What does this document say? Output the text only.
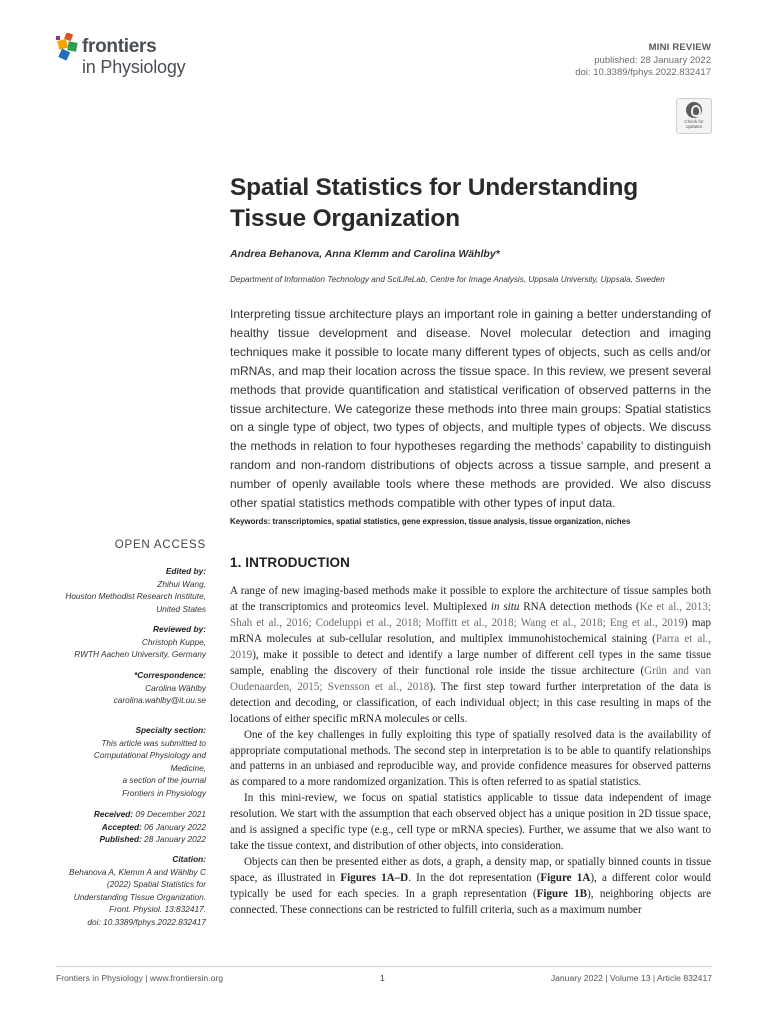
frontiers
in Physiology
MINI REVIEW
published: 28 January 2022
doi: 10.3389/fphys.2022.832417
Check for
updates
Spatial Statistics for Understanding Tissue Organization
Andrea Behanova, Anna Klemm and Carolina Wählby*
Department of Information Technology and SciLifeLab, Centre for Image Analysis, Uppsala University, Uppsala, Sweden
Interpreting tissue architecture plays an important role in gaining a better understanding of healthy tissue development and disease. Novel molecular detection and imaging techniques make it possible to locate many different types of objects, such as cells and/or mRNAs, and map their location across the tissue space. In this review, we present several methods that provide quantification and statistical verification of observed patterns in the tissue architecture. We categorize these methods into three main groups: Spatial statistics on a single type of object, two types of objects, and multiple types of objects. We discuss the methods in relation to four hypotheses regarding the methods’ capability to distinguish random and non-random distributions of objects across a tissue sample, and present a number of openly available tools where these methods are provided. We also discuss other spatial statistics methods compatible with other types of input data.
Keywords: transcriptomics, spatial statistics, gene expression, tissue analysis, tissue organization, niches
OPEN ACCESS
Edited by:
Zhihui Wang,
Houston Methodist Research Institute,
United States
Reviewed by:
Christoph Kuppe,
RWTH Aachen University, Germany
*Correspondence:
Carolina Wählby
carolina.wahlby@it.uu.se
Specialty section:
This article was submitted to
Computational Physiology and
Medicine,
a section of the journal
Frontiers in Physiology
Received: 09 December 2021
Accepted: 06 January 2022
Published: 28 January 2022
Citation:
Behanova A, Klemm A and Wählby C
(2022) Spatial Statistics for
Understanding Tissue Organization.
Front. Physiol. 13:832417.
doi: 10.3389/fphys.2022.832417
1. INTRODUCTION

A range of new imaging-based methods make it possible to explore the architecture of tissue samples both at the transcriptomics and proteomics level. Multiplexed in situ RNA detection methods (Ke et al., 2013; Shah et al., 2016; Codeluppi et al., 2018; Moffitt et al., 2018; Wang et al., 2018; Eng et al., 2019) map mRNA molecules at sub-cellular resolution, and multiplex immunohistochemical staining (Parra et al., 2019), make it possible to detect and identify a large number of different cell types in the same tissue sample, enabling the discovery of their functional role inside the tissue architecture (Grün and van Oudenaarden, 2015; Svensson et al., 2018). The first step toward further interpretation of the data is detection and decoding, or classification, of each individual object; in this case resulting in maps of the locations of either specific mRNA molecules or cells.

One of the key challenges in fully exploiting this type of spatially resolved data is the availability of appropriate computational methods. The second step in interpretation is to be able to quantify relationships and patterns in an unbiased and reproducible way, and provide confidence measures for observed patterns as compared to a more randomized organization. This is often referred to as spatial statistics.

In this mini-review, we focus on spatial statistics applicable to tissue data independent of image resolution. We start with the assumption that each observed object has a unique position in 2D tissue space, and is assigned a specific type (e.g., cell type or mRNA species). Further, we assume that we also want to take the tissue context, and distribution of other objects, into consideration.

Objects can then be presented either as dots, a graph, a density map, or spatially binned counts in tissue space, as illustrated in Figures 1A–D. In the dot representation (Figure 1A), a different color would typically be used for each species. In a graph representation (Figure 1B), neighboring objects are connected. These connections can be restricted to fulfill criteria, such as a maximum number

Frontiers in Physiology | www.frontiersin.org	1	January 2022 | Volume 13 | Article 832417
